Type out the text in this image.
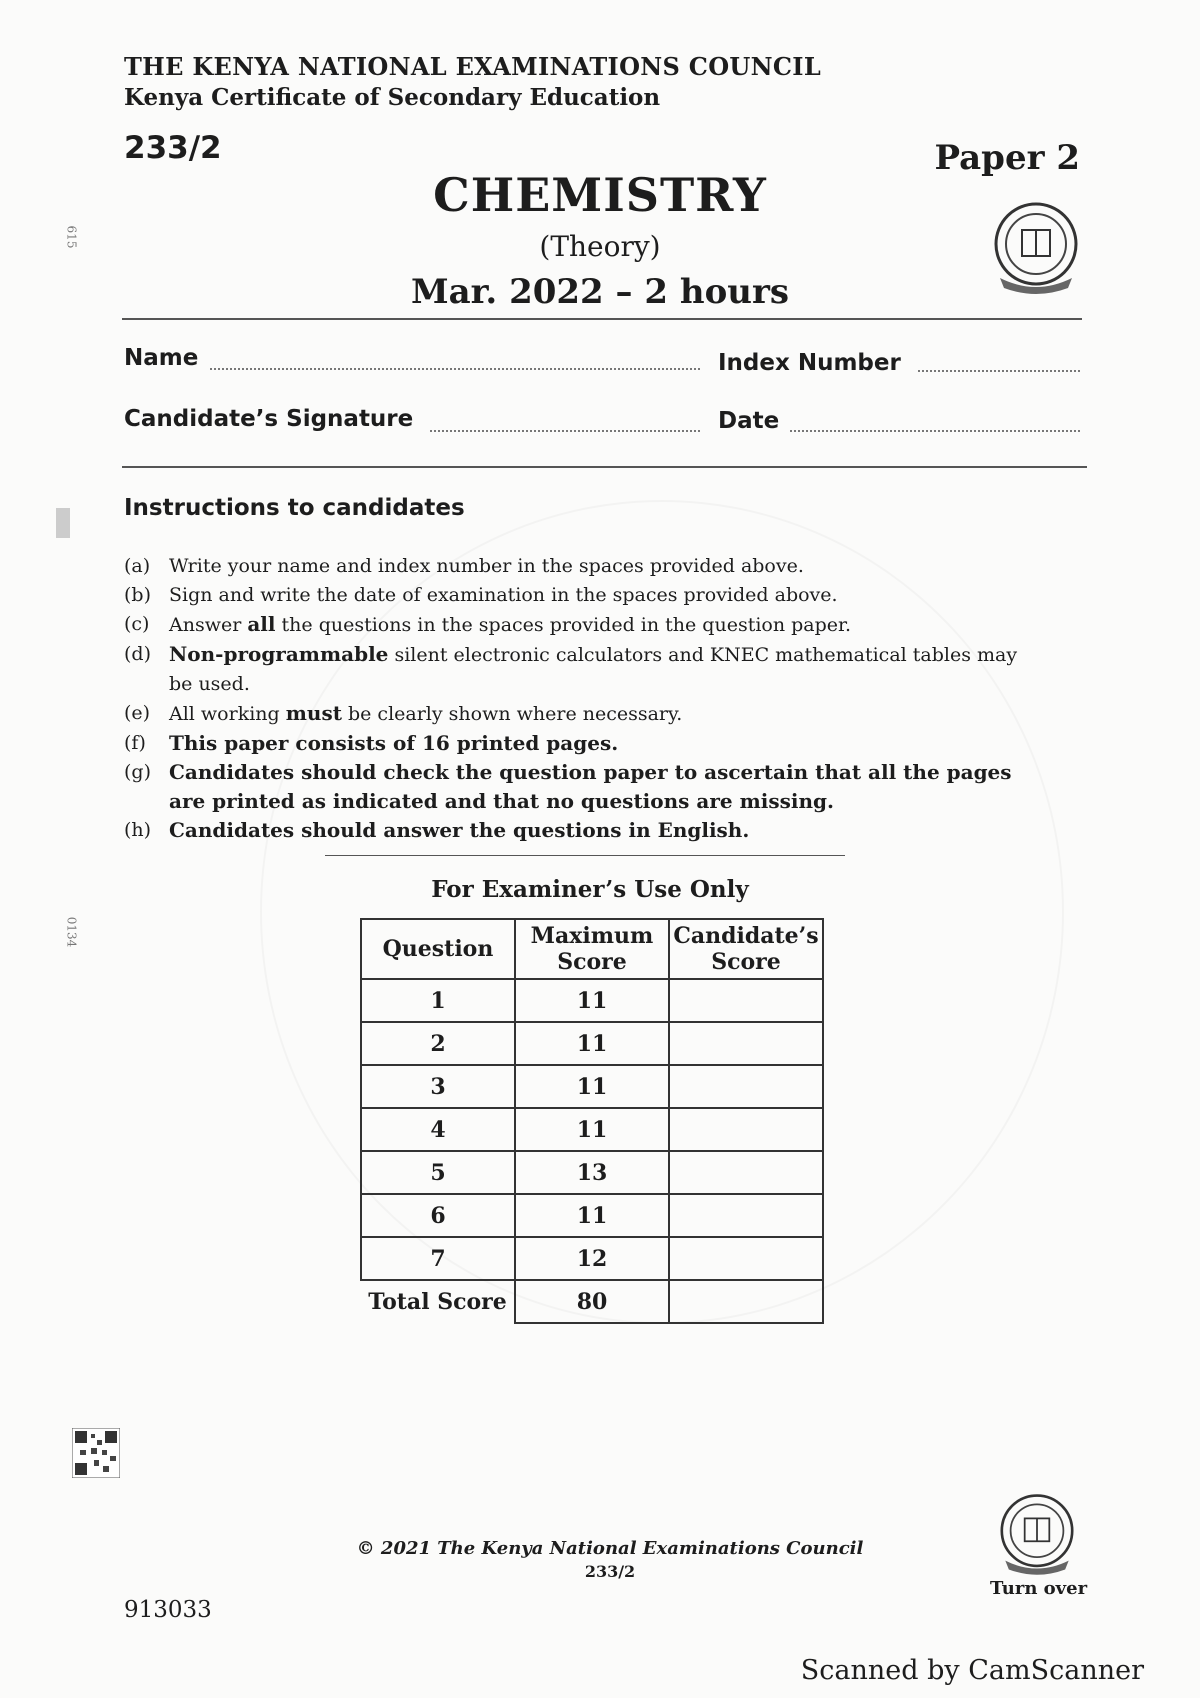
THE KENYA NATIONAL EXAMINATIONS COUNCIL
Kenya Certificate of Secondary Education
233/2	Paper 2
CHEMISTRY
(Theory)
Mar. 2022 – 2 hours
Name	Index Number
Candidate’s Signature	Date
Instructions to candidates
(a) Write your name and index number in the spaces provided above.
(b) Sign and write the date of examination in the spaces provided above.
(c)	Answer all the questions in the spaces provided in the question paper.
(d) Non-programmable silent electronic calculators and KNEC mathematical tables may be used.
(e) All working must be clearly shown where necessary.
(f)	This paper consists of 16 printed pages.
(g) Candidates should check the question paper to ascertain that all the pages are printed as indicated and that no questions are missing.
(h) Candidates should answer the questions in English.
For Examiner’s Use Only
Question	Maximum Score	Candidate’s Score
1	11	
2	11	
3	11	
4	11	
5	13	
6	11	
7	12	
Total Score	80	
© 2021 The Kenya National Examinations Council
233/2
Turn over
913033
Scanned by CamScanner
615
0134
